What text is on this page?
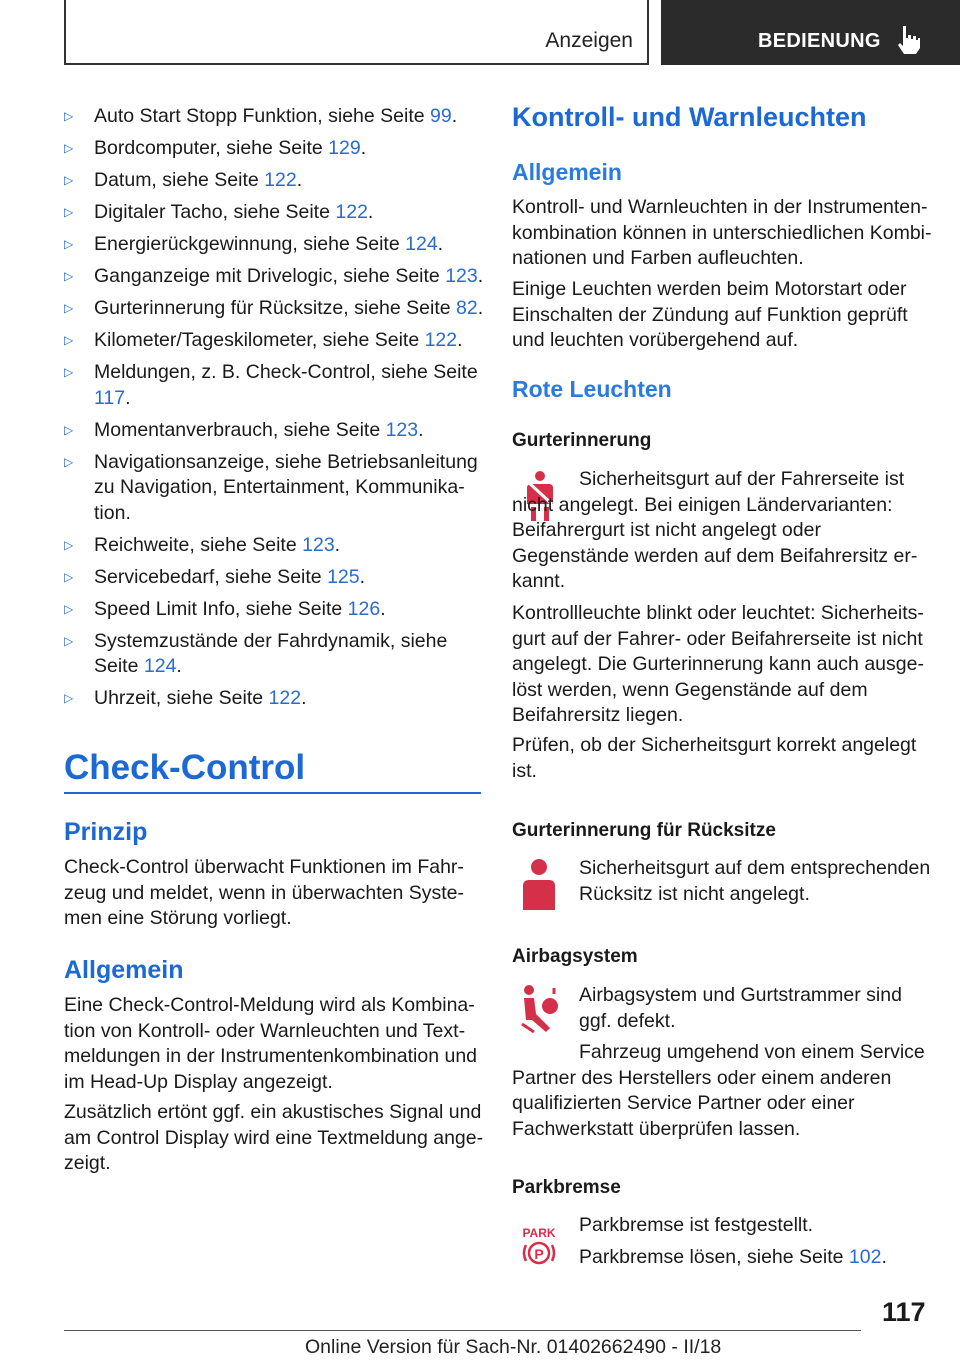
Anzeigen	BEDIENUNG
▷	Auto Start Stopp Funktion, siehe Seite 99.
▷	Bordcomputer, siehe Seite 129.
▷	Datum, siehe Seite 122.
▷	Digitaler Tacho, siehe Seite 122.
▷	Energierückgewinnung, siehe Seite 124.
▷	Ganganzeige mit Drivelogic, siehe Seite 123.
▷	Gurterinnerung für Rücksitze, siehe Seite 82.
▷	Kilometer/Tageskilometer, siehe Seite 122.
▷	Meldungen, z. B. Check-Control, siehe Seite 117.
▷	Momentanverbrauch, siehe Seite 123.
▷	Navigationsanzeige, siehe Betriebsanleitung zu Navigation, Entertainment, Kommunikation.
▷	Reichweite, siehe Seite 123.
▷	Servicebedarf, siehe Seite 125.
▷	Speed Limit Info, siehe Seite 126.
▷	Systemzustände der Fahrdynamik, siehe Seite 124.
▷	Uhrzeit, siehe Seite 122.
Check-Control
Prinzip
Check-Control überwacht Funktionen im Fahrzeug und meldet, wenn in überwachten Systemen eine Störung vorliegt.
Allgemein
Eine Check-Control-Meldung wird als Kombination von Kontroll- oder Warnleuchten und Textmeldungen in der Instrumentenkombination und im Head-Up Display angezeigt.
Zusätzlich ertönt ggf. ein akustisches Signal und am Control Display wird eine Textmeldung angezeigt.
Kontroll- und Warnleuchten
Allgemein
Kontroll- und Warnleuchten in der Instrumentenkombination können in unterschiedlichen Kombinationen und Farben aufleuchten.
Einige Leuchten werden beim Motorstart oder Einschalten der Zündung auf Funktion geprüft und leuchten vorübergehend auf.
Rote Leuchten
Gurterinnerung
Sicherheitsgurt auf der Fahrerseite ist nicht angelegt. Bei einigen Ländervarianten: Beifahrergurt ist nicht angelegt oder Gegenstände werden auf dem Beifahrersitz erkannt.
Kontrollleuchte blinkt oder leuchtet: Sicherheitsgurt auf der Fahrer- oder Beifahrerseite ist nicht angelegt. Die Gurterinnerung kann auch ausgelöst werden, wenn Gegenstände auf dem Beifahrersitz liegen.
Prüfen, ob der Sicherheitsgurt korrekt angelegt ist.
Gurterinnerung für Rücksitze
Sicherheitsgurt auf dem entsprechenden Rücksitz ist nicht angelegt.
Airbagsystem
Airbagsystem und Gurtstrammer sind ggf. defekt.
Fahrzeug umgehend von einem Service Partner des Herstellers oder einem anderen qualifizierten Service Partner oder einer Fachwerkstatt überprüfen lassen.
Parkbremse
PARK
P
Parkbremse ist festgestellt.
Parkbremse lösen, siehe Seite 102.
117
Online Version für Sach-Nr. 01402662490 - II/18
